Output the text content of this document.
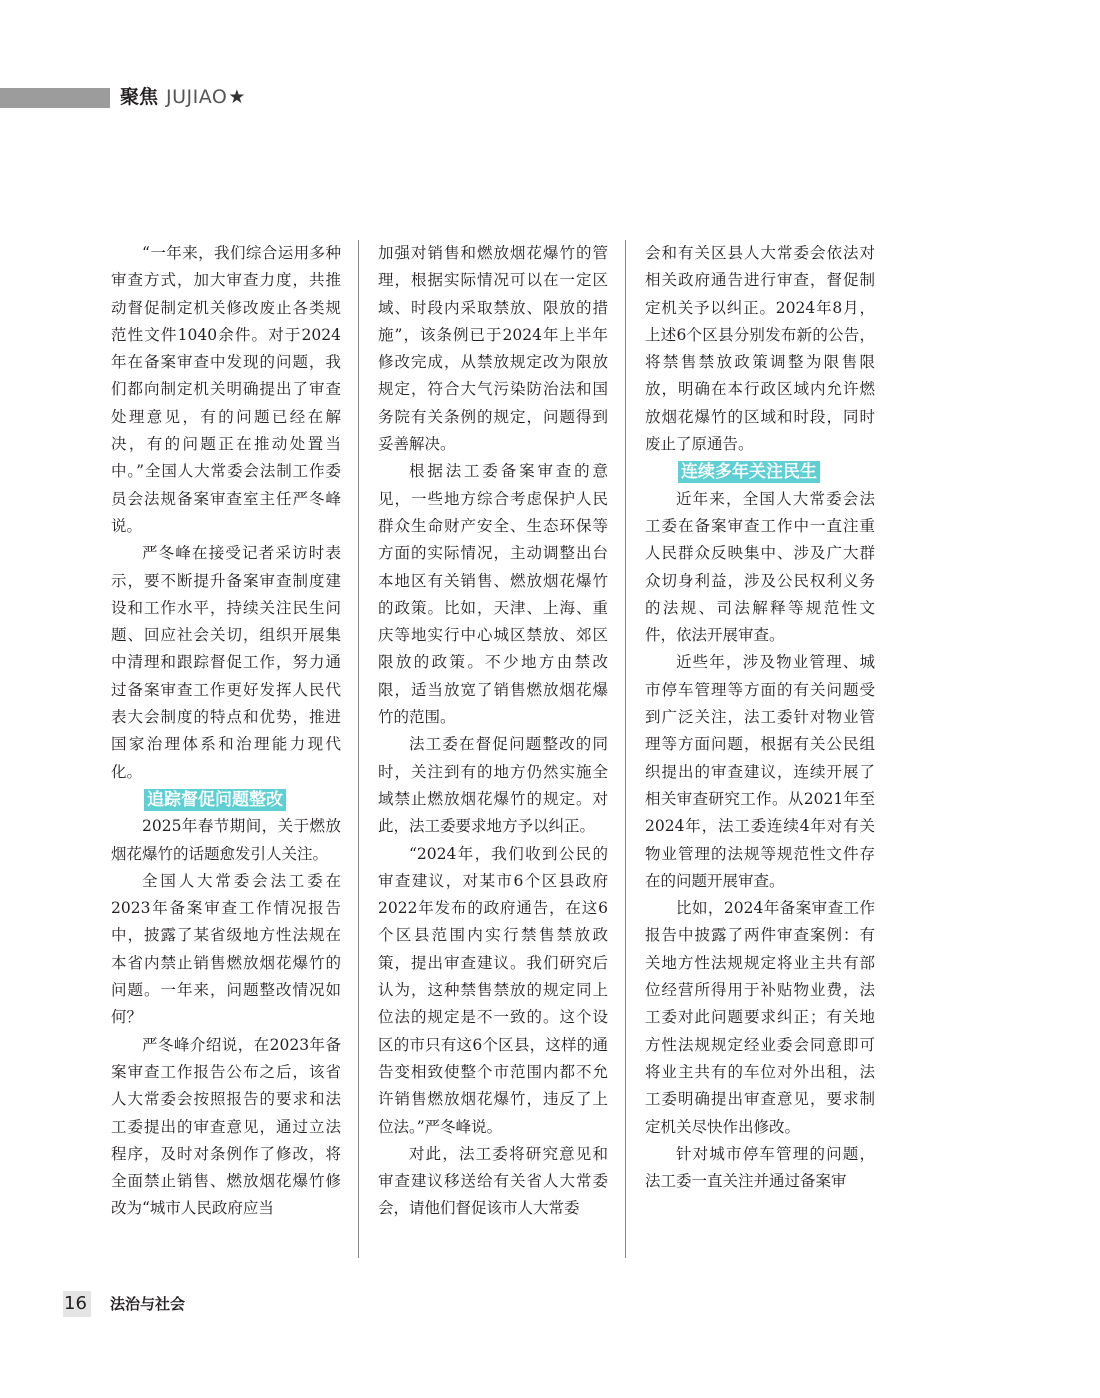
聚焦 JUJIAO★

“一年来，我们综合运用多种审查方式，加大审查力度，共推动督促制定机关修改废止各类规范性文件1040余件。对于2024年在备案审查中发现的问题，我们都向制定机关明确提出了审查处理意见，有的问题已经在解决，有的问题正在推动处置当中。”全国人大常委会法制工作委员会法规备案审查室主任严冬峰说。

严冬峰在接受记者采访时表示，要不断提升备案审查制度建设和工作水平，持续关注民生问题、回应社会关切，组织开展集中清理和跟踪督促工作，努力通过备案审查工作更好发挥人民代表大会制度的特点和优势，推进国家治理体系和治理能力现代化。

追踪督促问题整改

2025年春节期间，关于燃放烟花爆竹的话题愈发引人关注。

全国人大常委会法工委在2023年备案审查工作情况报告中，披露了某省级地方性法规在本省内禁止销售燃放烟花爆竹的问题。一年来，问题整改情况如何？

严冬峰介绍说，在2023年备案审查工作报告公布之后，该省人大常委会按照报告的要求和法工委提出的审查意见，通过立法程序，及时对条例作了修改，将全面禁止销售、燃放烟花爆竹修改为“城市人民政府应当

加强对销售和燃放烟花爆竹的管理，根据实际情况可以在一定区域、时段内采取禁放、限放的措施”，该条例已于2024年上半年修改完成，从禁放规定改为限放规定，符合大气污染防治法和国务院有关条例的规定，问题得到妥善解决。

根据法工委备案审查的意见，一些地方综合考虑保护人民群众生命财产安全、生态环保等方面的实际情况，主动调整出台本地区有关销售、燃放烟花爆竹的政策。比如，天津、上海、重庆等地实行中心城区禁放、郊区限放的政策。不少地方由禁改限，适当放宽了销售燃放烟花爆竹的范围。

法工委在督促问题整改的同时，关注到有的地方仍然实施全域禁止燃放烟花爆竹的规定。对此，法工委要求地方予以纠正。

“2024年，我们收到公民的审查建议，对某市6个区县政府2022年发布的政府通告，在这6个区县范围内实行禁售禁放政策，提出审查建议。我们研究后认为，这种禁售禁放的规定同上位法的规定是不一致的。这个设区的市只有这6个区县，这样的通告变相致使整个市范围内都不允许销售燃放烟花爆竹，违反了上位法。”严冬峰说。

对此，法工委将研究意见和审查建议移送给有关省人大常委会，请他们督促该市人大常委

会和有关区县人大常委会依法对相关政府通告进行审查，督促制定机关予以纠正。2024年8月，上述6个区县分别发布新的公告，将禁售禁放政策调整为限售限放，明确在本行政区域内允许燃放烟花爆竹的区域和时段，同时废止了原通告。

连续多年关注民生

近年来，全国人大常委会法工委在备案审查工作中一直注重人民群众反映集中、涉及广大群众切身利益，涉及公民权利义务的法规、司法解释等规范性文件，依法开展审查。

近些年，涉及物业管理、城市停车管理等方面的有关问题受到广泛关注，法工委针对物业管理等方面问题，根据有关公民组织提出的审查建议，连续开展了相关审查研究工作。从2021年至2024年，法工委连续4年对有关物业管理的法规等规范性文件存在的问题开展审查。

比如，2024年备案审查工作报告中披露了两件审查案例：有关地方性法规规定将业主共有部位经营所得用于补贴物业费，法工委对此问题要求纠正；有关地方性法规规定经业委会同意即可将业主共有的车位对外出租，法工委明确提出审查意见，要求制定机关尽快作出修改。

针对城市停车管理的问题，法工委一直关注并通过备案审

16 法治与社会
